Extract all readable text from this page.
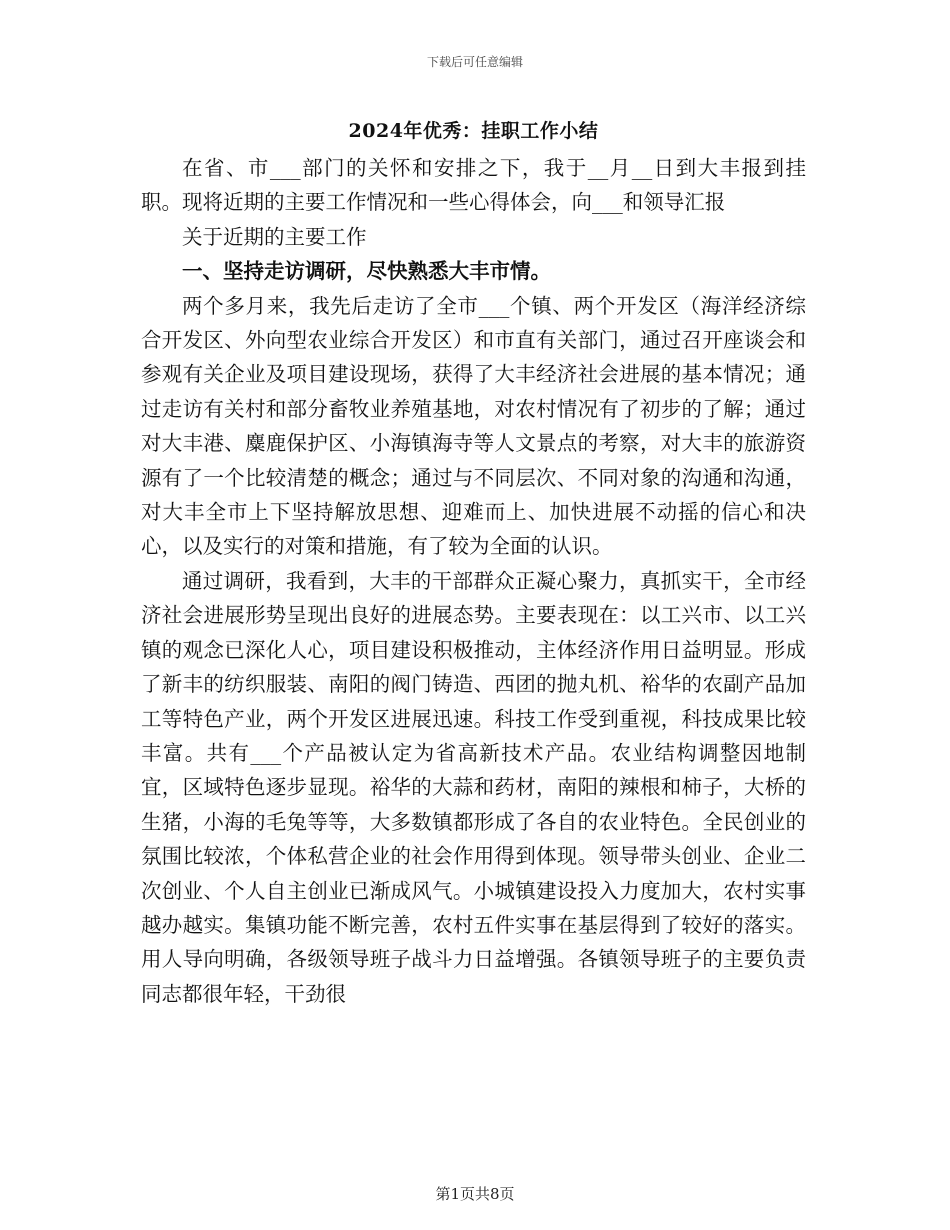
下载后可任意编辑
2024年优秀：挂职工作小结

在省、市___部门的关怀和安排之下，我于__月__日到大丰报到挂职。现将近期的主要工作情况和一些心得体会，向___和领导汇报

关于近期的主要工作

一、坚持走访调研，尽快熟悉大丰市情。

两个多月来，我先后走访了全市___个镇、两个开发区（海洋经济综合开发区、外向型农业综合开发区）和市直有关部门，通过召开座谈会和参观有关企业及项目建设现场，获得了大丰经济社会进展的基本情况；通过走访有关村和部分畜牧业养殖基地，对农村情况有了初步的了解；通过对大丰港、麋鹿保护区、小海镇海寺等人文景点的考察，对大丰的旅游资源有了一个比较清楚的概念；通过与不同层次、不同对象的沟通和沟通，对大丰全市上下坚持解放思想、迎难而上、加快进展不动摇的信心和决心，以及实行的对策和措施，有了较为全面的认识。

通过调研，我看到，大丰的干部群众正凝心聚力，真抓实干，全市经济社会进展形势呈现出良好的进展态势。主要表现在：以工兴市、以工兴镇的观念已深化人心，项目建设积极推动，主体经济作用日益明显。形成了新丰的纺织服装、南阳的阀门铸造、西团的抛丸机、裕华的农副产品加工等特色产业，两个开发区进展迅速。科技工作受到重视，科技成果比较丰富。共有___个产品被认定为省高新技术产品。农业结构调整因地制宜，区域特色逐步显现。裕华的大蒜和药材，南阳的辣根和柿子，大桥的生猪，小海的毛兔等等，大多数镇都形成了各自的农业特色。全民创业的氛围比较浓，个体私营企业的社会作用得到体现。领导带头创业、企业二次创业、个人自主创业已渐成风气。小城镇建设投入力度加大，农村实事越办越实。集镇功能不断完善，农村五件实事在基层得到了较好的落实。用人导向明确，各级领导班子战斗力日益增强。各镇领导班子的主要负责同志都很年轻，干劲很

第1页共8页
